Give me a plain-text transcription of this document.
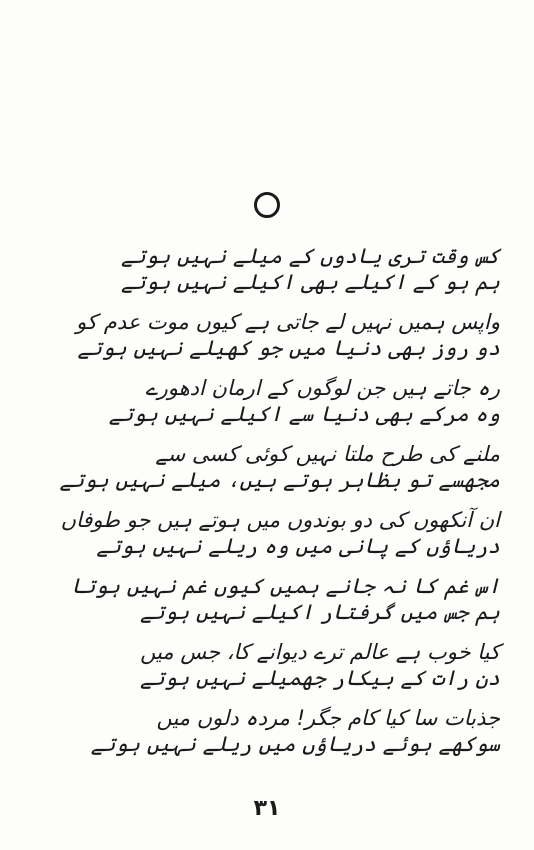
کس وقت تری یادوں کے میلے نہیں ہوتے
ہم ہو کے اکیلے بھی اکیلے نہیں ہوتے
واپس ہمیں نہیں لے جاتی ہے کیوں موت عدم کو
دو روز بھی دنیا میں جو کھیلے نہیں ہوتے
رہ جاتے ہیں جن لوگوں کے ارمان ادھورے
وہ مرکے بھی دنیا سے اکیلے نہیں ہوتے
ملنے کی طرح ملتا نہیں کوئی کسی سے
مجھسے تو بظاہر ہوتے ہیں، میلے نہیں ہوتے
ان آنکھوں کی دو بوندوں میں ہوتے ہیں جو طوفاں
دریاؤں کے پانی میں وہ ریلے نہیں ہوتے
اس غم کا نہ جانے ہمیں کیوں غم نہیں ہوتا
ہم جس میں گرفتار اکیلے نہیں ہوتے
کیا خوب ہے عالم ترے دیوانے کا، جس میں
دن رات کے بیکار جھمیلے نہیں ہوتے
جذبات سا کیا کام جگر! مردہ دلوں میں
سوکھے ہوئے دریاؤں میں ریلے نہیں ہوتے
۳۱
